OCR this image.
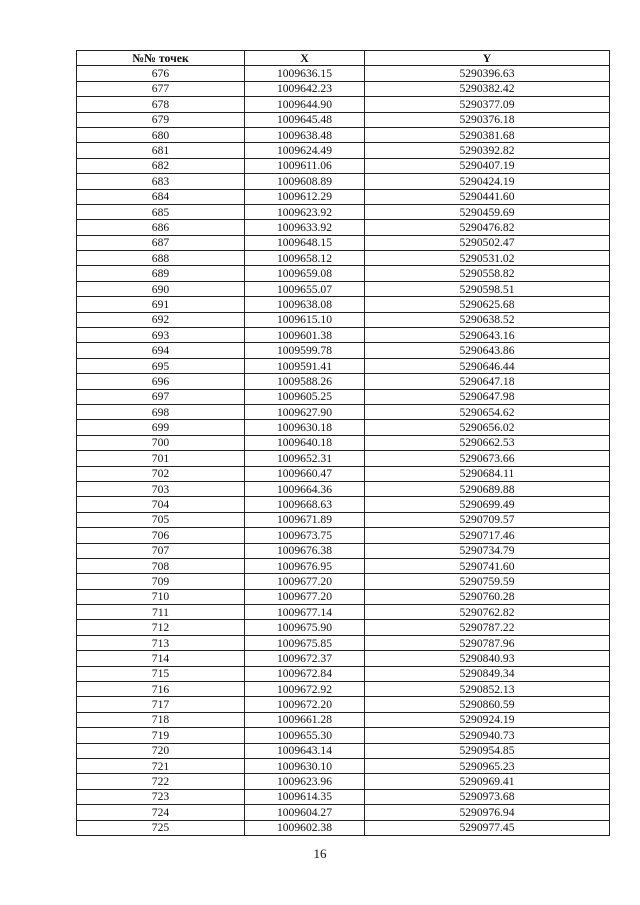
№№ точек	X	Y
676	1009636.15	5290396.63
677	1009642.23	5290382.42
678	1009644.90	5290377.09
679	1009645.48	5290376.18
680	1009638.48	5290381.68
681	1009624.49	5290392.82
682	1009611.06	5290407.19
683	1009608.89	5290424.19
684	1009612.29	5290441.60
685	1009623.92	5290459.69
686	1009633.92	5290476.82
687	1009648.15	5290502.47
688	1009658.12	5290531.02
689	1009659.08	5290558.82
690	1009655.07	5290598.51
691	1009638.08	5290625.68
692	1009615.10	5290638.52
693	1009601.38	5290643.16
694	1009599.78	5290643.86
695	1009591.41	5290646.44
696	1009588.26	5290647.18
697	1009605.25	5290647.98
698	1009627.90	5290654.62
699	1009630.18	5290656.02
700	1009640.18	5290662.53
701	1009652.31	5290673.66
702	1009660.47	5290684.11
703	1009664.36	5290689.88
704	1009668.63	5290699.49
705	1009671.89	5290709.57
706	1009673.75	5290717.46
707	1009676.38	5290734.79
708	1009676.95	5290741.60
709	1009677.20	5290759.59
710	1009677.20	5290760.28
711	1009677.14	5290762.82
712	1009675.90	5290787.22
713	1009675.85	5290787.96
714	1009672.37	5290840.93
715	1009672.84	5290849.34
716	1009672.92	5290852.13
717	1009672.20	5290860.59
718	1009661.28	5290924.19
719	1009655.30	5290940.73
720	1009643.14	5290954.85
721	1009630.10	5290965.23
722	1009623.96	5290969.41
723	1009614.35	5290973.68
724	1009604.27	5290976.94
725	1009602.38	5290977.45
16
